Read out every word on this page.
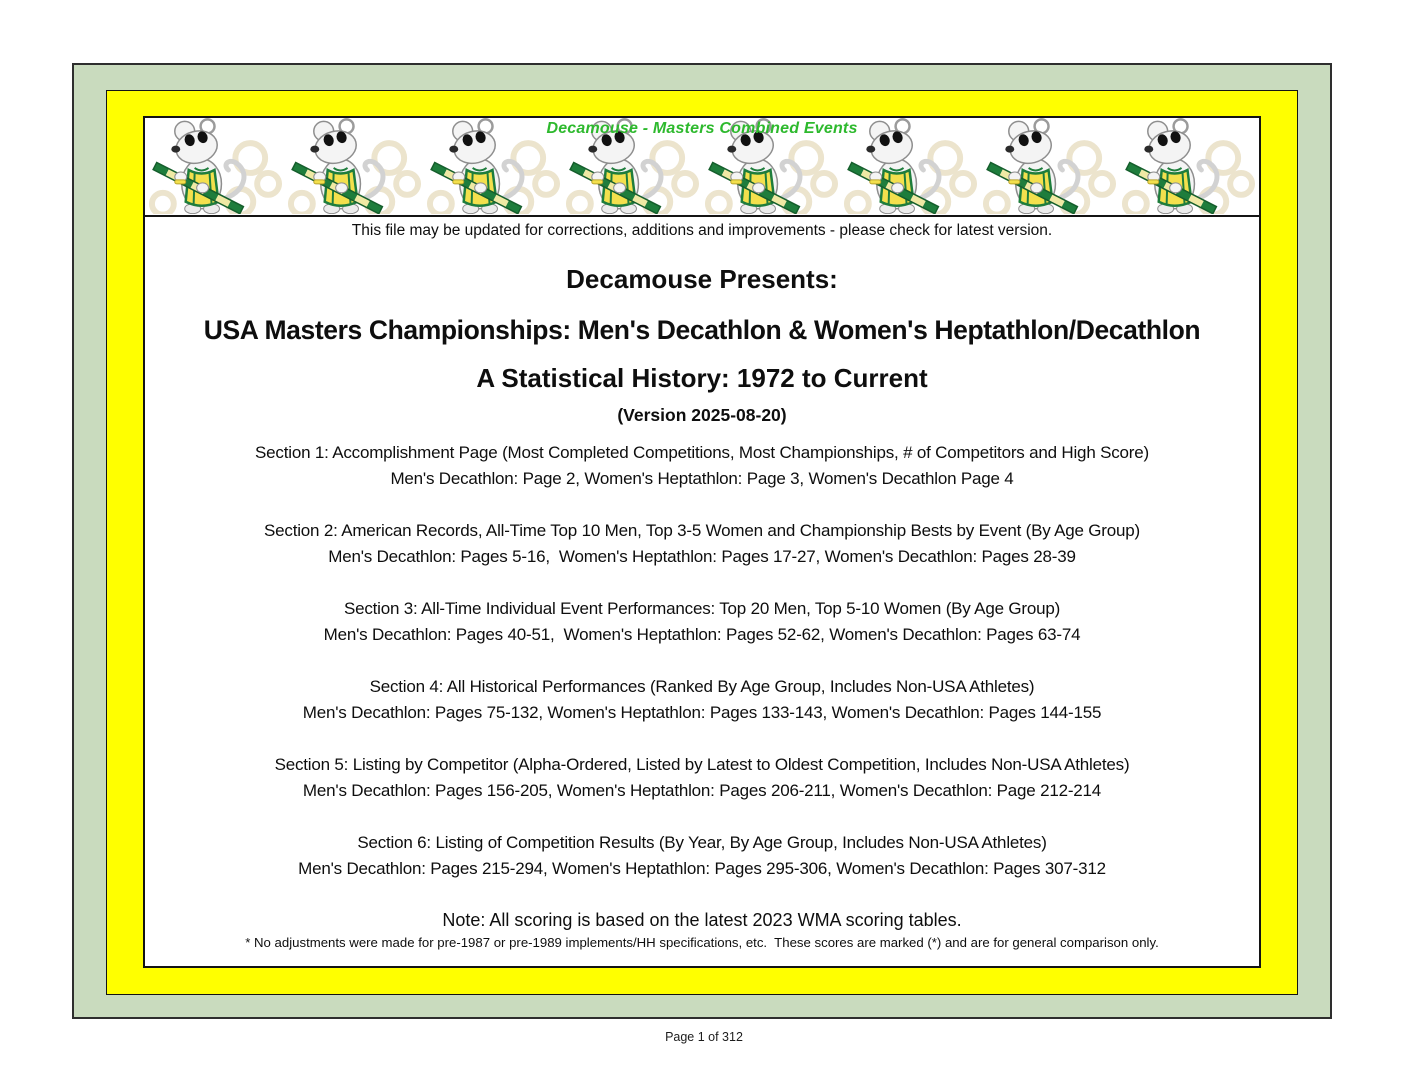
Decamouse - Masters Combined Events
This file may be updated for corrections, additions and improvements - please check for latest version.
Decamouse Presents:
USA Masters Championships: Men's Decathlon & Women's Heptathlon/Decathlon
A Statistical History: 1972 to Current
(Version 2025-08-20)
Section 1: Accomplishment Page (Most Completed Competitions, Most Championships, # of Competitors and High Score)
Men's Decathlon: Page 2, Women's Heptathlon: Page 3, Women's Decathlon Page 4
Section 2: American Records, All-Time Top 10 Men, Top 3-5 Women and Championship Bests by Event (By Age Group)
Men's Decathlon: Pages 5-16,  Women's Heptathlon: Pages 17-27, Women's Decathlon: Pages 28-39
Section 3: All-Time Individual Event Performances: Top 20 Men, Top 5-10 Women (By Age Group)
Men's Decathlon: Pages 40-51,  Women's Heptathlon: Pages 52-62, Women's Decathlon: Pages 63-74
Section 4: All Historical Performances (Ranked By Age Group, Includes Non-USA Athletes)
Men's Decathlon: Pages 75-132, Women's Heptathlon: Pages 133-143, Women's Decathlon: Pages 144-155
Section 5: Listing by Competitor (Alpha-Ordered, Listed by Latest to Oldest Competition, Includes Non-USA Athletes)
Men's Decathlon: Pages 156-205, Women's Heptathlon: Pages 206-211, Women's Decathlon: Page 212-214
Section 6: Listing of Competition Results (By Year, By Age Group, Includes Non-USA Athletes)
Men's Decathlon: Pages 215-294, Women's Heptathlon: Pages 295-306, Women's Decathlon: Pages 307-312
Note: All scoring is based on the latest 2023 WMA scoring tables.
* No adjustments were made for pre-1987 or pre-1989 implements/HH specifications, etc.  These scores are marked (*) and are for general comparison only.
Page 1 of 312
